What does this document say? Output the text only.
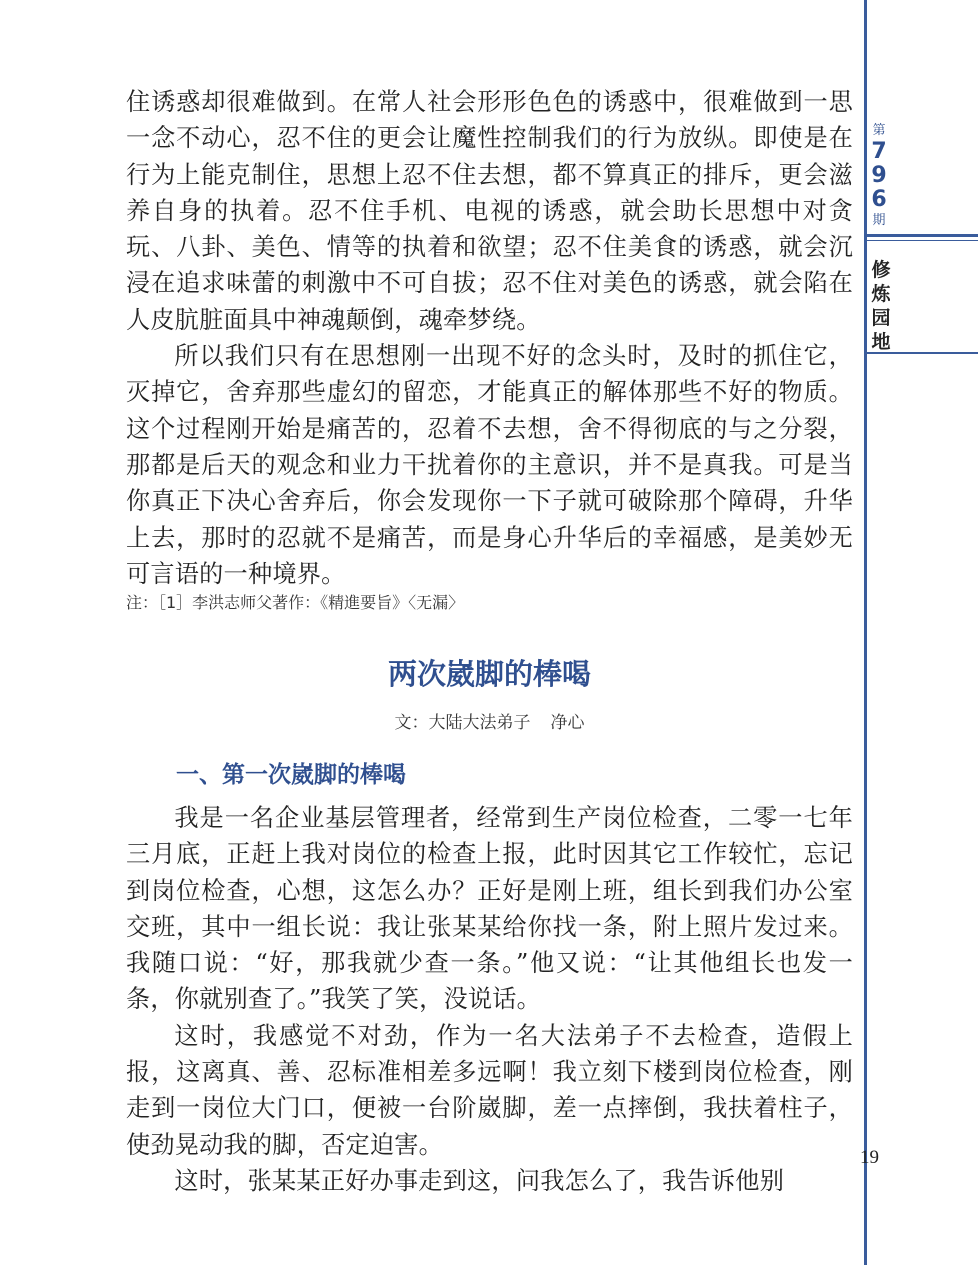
第
7
9
6
期
修
炼
园
地
19

住诱惑却很难做到。在常人社会形形色色的诱惑中，很难做到一思一念不动心，忍不住的更会让魔性控制我们的行为放纵。即使是在行为上能克制住，思想上忍不住去想，都不算真正的排斥，更会滋养自身的执着。忍不住手机、电视的诱惑，就会助长思想中对贪玩、八卦、美色、情等的执着和欲望；忍不住美食的诱惑，就会沉浸在追求味蕾的刺激中不可自拔；忍不住对美色的诱惑，就会陷在人皮肮脏面具中神魂颠倒，魂牵梦绕。

所以我们只有在思想刚一出现不好的念头时，及时的抓住它，灭掉它，舍弃那些虚幻的留恋，才能真正的解体那些不好的物质。这个过程刚开始是痛苦的，忍着不去想，舍不得彻底的与之分裂，那都是后天的观念和业力干扰着你的主意识，并不是真我。可是当你真正下决心舍弃后，你会发现你一下子就可破除那个障碍，升华上去，那时的忍就不是痛苦，而是身心升华后的幸福感，是美妙无可言语的一种境界。

注：［1］李洪志师父著作：《精進要旨》〈无漏〉
两次崴脚的棒喝
文：大陆大法弟子 净心
一、第一次崴脚的棒喝

我是一名企业基层管理者，经常到生产岗位检查，二零一七年三月底，正赶上我对岗位的检查上报，此时因其它工作较忙，忘记到岗位检查，心想，这怎么办？正好是刚上班，组长到我们办公室交班，其中一组长说：我让张某某给你找一条，附上照片发过来。我随口说：“好，那我就少查一条。”他又说：“让其他组长也发一条，你就别查了。”我笑了笑，没说话。

这时，我感觉不对劲，作为一名大法弟子不去检查，造假上报，这离真、善、忍标准相差多远啊！我立刻下楼到岗位检查，刚走到一岗位大门口，便被一台阶崴脚，差一点摔倒，我扶着柱子，使劲晃动我的脚，否定迫害。

这时，张某某正好办事走到这，问我怎么了，我告诉他别
